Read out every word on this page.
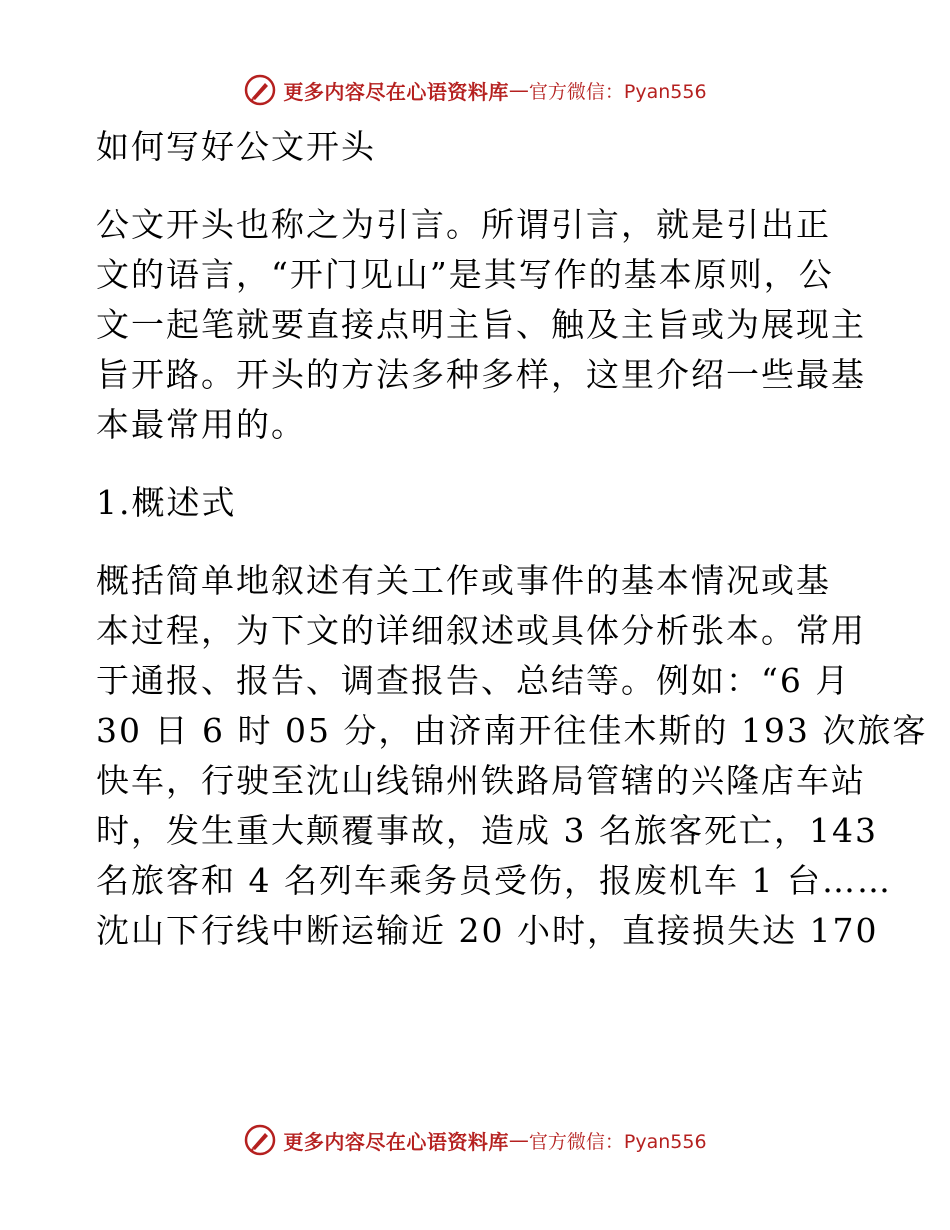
更多内容尽在心语资料库 — 官方微信：Pyan556
如何写好公文开头
公文开头也称之为引言。所谓引言，就是引出正
文的语言，“开门见山”是其写作的基本原则，公
文一起笔就要直接点明主旨、触及主旨或为展现主
旨开路。开头的方法多种多样，这里介绍一些最基
本最常用的。
1.概述式
概括简单地叙述有关工作或事件的基本情况或基
本过程，为下文的详细叙述或具体分析张本。常用
于通报、报告、调查报告、总结等。例如：“6 月
30 日 6 时 05 分，由济南开往佳木斯的 193 次旅客
快车，行驶至沈山线锦州铁路局管辖的兴隆店车站
时，发生重大颠覆事故，造成 3 名旅客死亡，143
名旅客和 4 名列车乘务员受伤，报废机车 1 台……
沈山下行线中断运输近 20 小时，直接损失达 170
更多内容尽在心语资料库 — 官方微信：Pyan556
